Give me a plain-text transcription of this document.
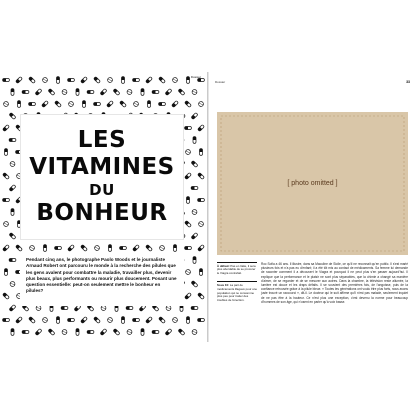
Dossier
LES
VITAMINES
DU
BONHEUR

Pendant cinq ans, le photographe Paolo Woods et le journaliste Arnaud Robert ont parcouru le monde à la recherche des pilules que les gens avalent pour combattre la maladie, travailler plus, devenir plus beaux, plus performants ou mourir plus doucement. Posant une question essentielle: peut-on seulement mettre le bonheur en pilules?

Dossier	33
[ photo omitted ]
À défaut: Pas en Italie, il sera plus abordable de se procurer le Viagra contrefait.
Sous 10: La part de médicaments illégaux pour une population qui ne consomme plus peu pour traiter des troubles de l'érection.

Roc Sofia a 46 ans. Il illustre, dans sa Maculine de Sicile, ce qu'il ne reconnait qu'en public. Il s'est marié plusieurs fois et n'a pas eu d'enfant; il a été tôt mis au contact de médicaments. Sa femme lui demande de raconter comment il a découvert le Viagra et pourquoi il ne peut plus s'en passer aujourd'hui. Il explique que la performance et le plaisir ne sont plus séparables, que la chimie a changé sa manière d'aimer, de se regarder et de se mesurer aux autres. Dans la chambre, la télévision reste allumée, la lumière est douce et les draps défaits. Il se souvient des premières fois, de l'angoisse, puis de la confiance retrouvée grâce à la pilule bleue. « Toutes les générations ont voulu être plus forts, nous avons juste trouvé un raccourci », dit-il. Le docteur qui le suit affirme qu'il n'est pas malade, seulement inquiet de ne pas être à la hauteur. Ce n'est plus une exception, c'est devenu la norme pour beaucoup d'hommes de son âge, qui n'osent en parler qu'à voix basse.
